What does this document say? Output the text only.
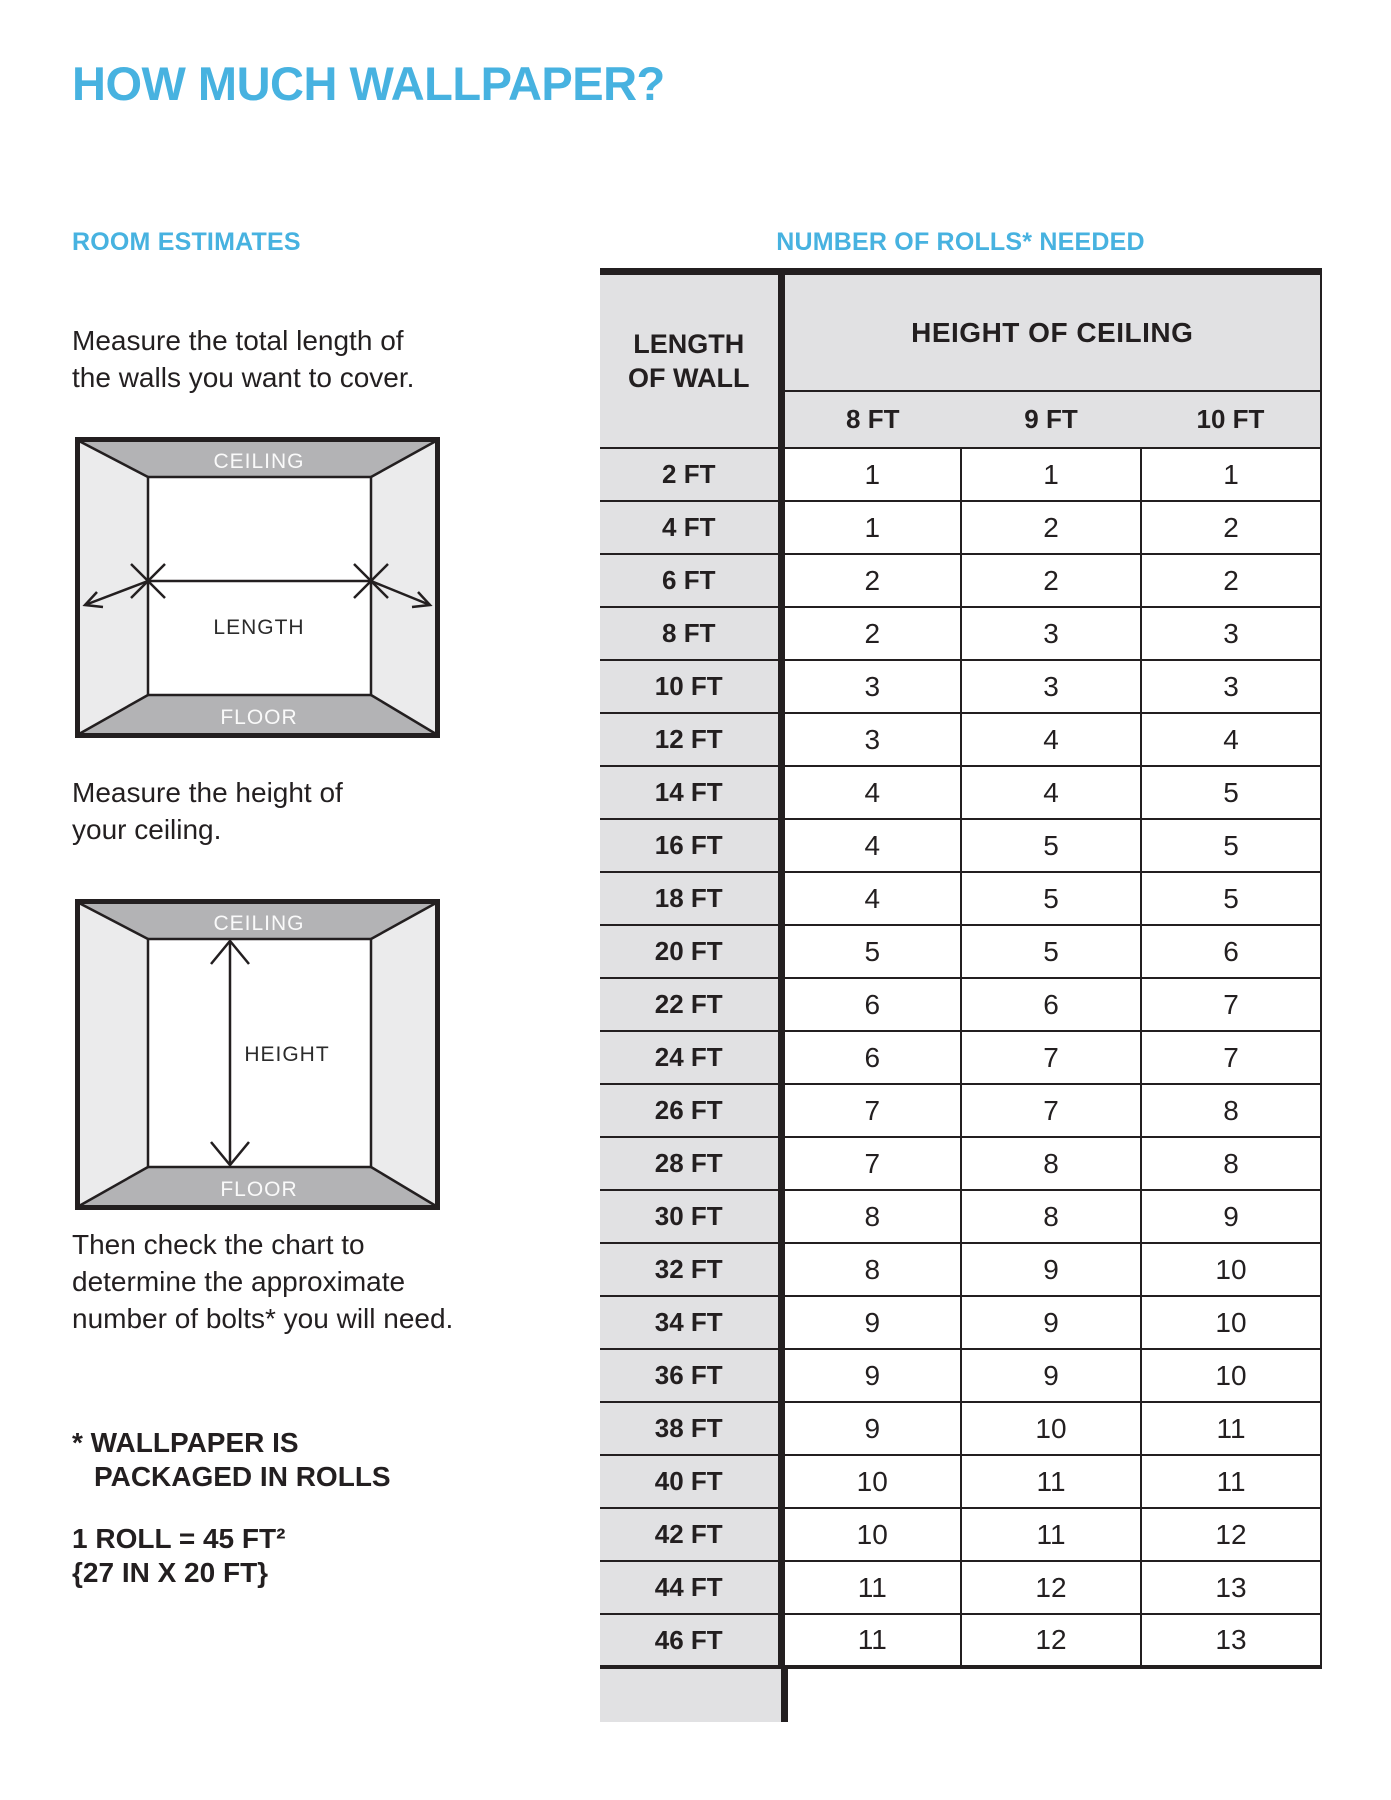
HOW MUCH WALLPAPER?
ROOM ESTIMATES	NUMBER OF ROLLS* NEEDED
Measure the total length of
the walls you want to cover.
CEILING
FLOOR
LENGTH
Measure the height of
your ceiling.
CEILING
FLOOR
HEIGHT
Then check the chart to
determine the approximate
number of bolts* you will need.
* WALLPAPER IS
PACKAGED IN ROLLS
1 ROLL = 45 FT²
{27 IN X 20 FT}
LENGTH
OF WALL	HEIGHT OF CEILING		
	8 FT	9 FT	10 FT
2 FT	1	1	1
4 FT	1	2	2
6 FT	2	2	2
8 FT	2	3	3
10 FT	3	3	3
12 FT	3	4	4
14 FT	4	4	5
16 FT	4	5	5
18 FT	4	5	5
20 FT	5	5	6
22 FT	6	6	7
24 FT	6	7	7
26 FT	7	7	8
28 FT	7	8	8
30 FT	8	8	9
32 FT	8	9	10
34 FT	9	9	10
36 FT	9	9	10
38 FT	9	10	11
40 FT	10	11	11
42 FT	10	11	12
44 FT	11	12	13
46 FT	11	12	13
